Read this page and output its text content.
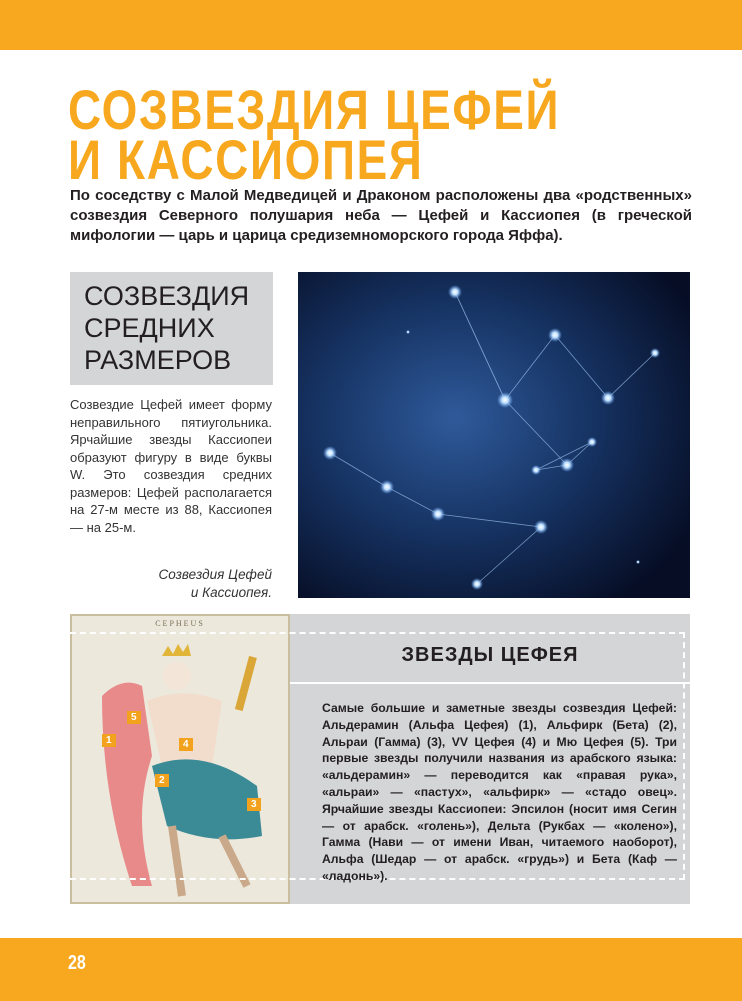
СОЗВЕЗДИЯ ЦЕФЕЙ
И КАССИОПЕЯ

По соседству с Малой Медведицей и Драконом расположены два «родственных» созвездия Северного полушария неба — Цефей и Кассиопея (в греческой мифологии — царь и царица средиземноморского города Яффа).

СОЗВЕЗДИЯ
СРЕДНИХ
РАЗМЕРОВ

Созвездие Цефей имеет форму неправильного пятиугольника. Ярчайшие звезды Кассиопеи образуют фигуру в виде буквы W. Это созвездия средних размеров: Цефей располагается на 27-м месте из 88, Кассиопея — на 25-м.

Созвездия Цефей
и Кассиопея.
CEPHEUS
5
1	4
2
3
ЗВЕЗДЫ ЦЕФЕЯ

Самые большие и заметные звезды созвездия Цефей: Альдерамин (Альфа Цефея) (1), Альфирк (Бета) (2), Альраи (Гамма) (3), VV Цефея (4) и Мю Цефея (5). Три первые звезды получили названия из арабского языка: «альдерамин» — переводится как «правая рука», «альраи» — «пастух», «альфирк» — «стадо овец». Ярчайшие звезды Кассиопеи: Эпсилон (носит имя Сегин — от арабск. «голень»), Дельта (Рукбах — «колено»), Гамма (Нави — от имени Иван, читаемого наоборот), Альфа (Шедар — от арабск. «грудь») и Бета (Каф — «ладонь»).

28
